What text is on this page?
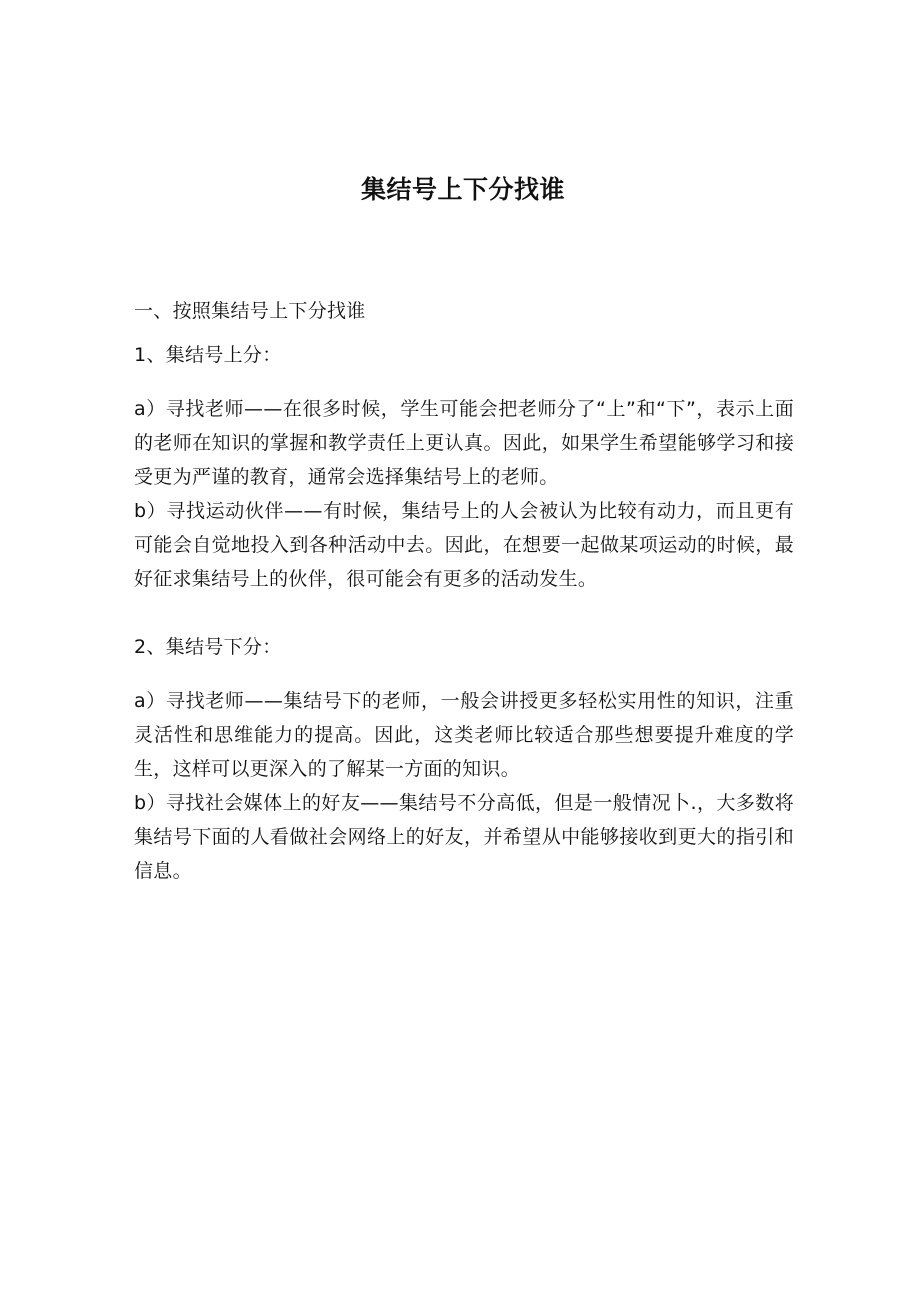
集结号上下分找谁

一、按照集结号上下分找谁

1、集结号上分：

a）寻找老师——在很多时候，学生可能会把老师分了“上”和“下”，表示上面的老师在知识的掌握和教学责任上更认真。因此，如果学生希望能够学习和接受更为严谨的教育，通常会选择集结号上的老师。

b）寻找运动伙伴——有时候，集结号上的人会被认为比较有动力，而且更有可能会自觉地投入到各种活动中去。因此，在想要一起做某项运动的时候，最好征求集结号上的伙伴，很可能会有更多的活动发生。

2、集结号下分：

a）寻找老师——集结号下的老师，一般会讲授更多轻松实用性的知识，注重灵活性和思维能力的提高。因此，这类老师比较适合那些想要提升难度的学生，这样可以更深入的了解某一方面的知识。

b）寻找社会媒体上的好友——集结号不分高低，但是一般情况卜.，大多数将集结号下面的人看做社会网络上的好友，并希望从中能够接收到更大的指引和信息。
